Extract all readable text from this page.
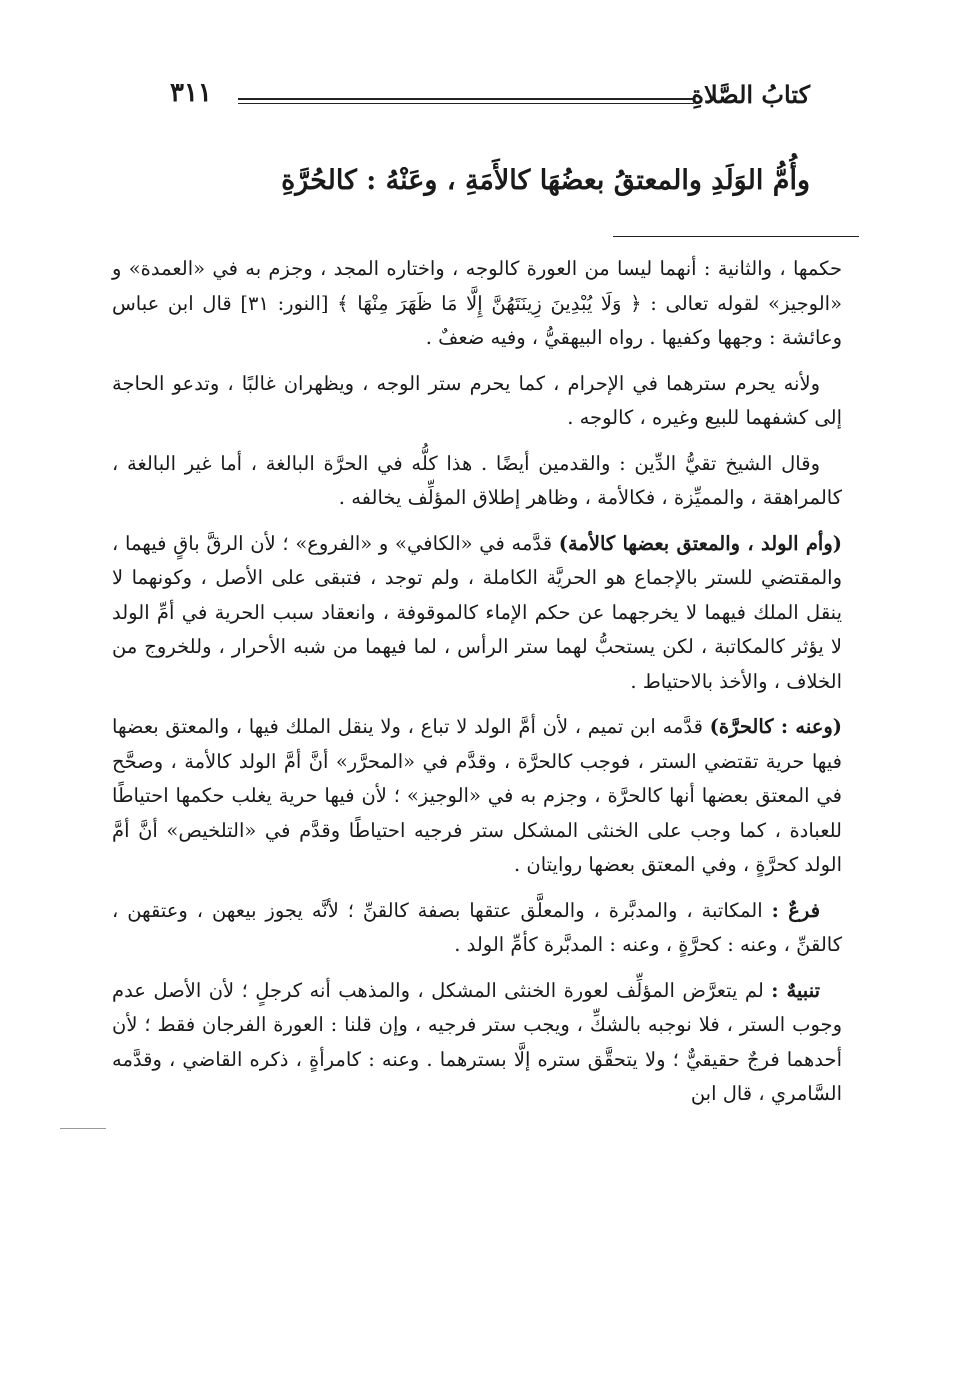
كتابُ الصَّلاةِ
٣١١
وأُمُّ الوَلَدِ والمعتقُ بعضُهَا كالأَمَةِ ، وعَنْهُ : كالحُرَّةِ

حكمها ، والثانية : أنهما ليسا من العورة كالوجه ، واختاره المجد ، وجزم به في «العمدة» و «الوجيز» لقوله تعالى : ﴿ وَلَا يُبْدِينَ زِينَتَهُنَّ إِلَّا مَا ظَهَرَ مِنْهَا ﴾ [النور: ٣١] قال ابن عباس وعائشة : وجهها وكفيها . رواه البيهقيُّ ، وفيه ضعفٌ .

ولأنه يحرم سترهما في الإحرام ، كما يحرم ستر الوجه ، ويظهران غالبًا ، وتدعو الحاجة إلى كشفهما للبيع وغيره ، كالوجه .

وقال الشيخ تقيُّ الدِّين : والقدمين أيضًا . هذا كلُّه في الحرَّة البالغة ، أما غير البالغة ، كالمراهقة ، والمميِّزة ، فكالأمة ، وظاهر إطلاق المؤلِّف يخالفه .

(وأم الولد ، والمعتق بعضها كالأمة) قدَّمه في «الكافي» و «الفروع» ؛ لأن الرقَّ باقٍ فيهما ، والمقتضي للستر بالإجماع هو الحريَّة الكاملة ، ولم توجد ، فتبقى على الأصل ، وكونهما لا ينقل الملك فيهما لا يخرجهما عن حكم الإماء كالموقوفة ، وانعقاد سبب الحرية في أمِّ الولد لا يؤثر كالمكاتبة ، لكن يستحبُّ لهما ستر الرأس ، لما فيهما من شبه الأحرار ، وللخروج من الخلاف ، والأخذ بالاحتياط .

(وعنه : كالحرَّة) قدَّمه ابن تميم ، لأن أمَّ الولد لا تباع ، ولا ينقل الملك فيها ، والمعتق بعضها فيها حرية تقتضي الستر ، فوجب كالحرَّة ، وقدَّم في «المحرَّر» أنَّ أمَّ الولد كالأمة ، وصحَّح في المعتق بعضها أنها كالحرَّة ، وجزم به في «الوجيز» ؛ لأن فيها حرية يغلب حكمها احتياطًا للعبادة ، كما وجب على الخنثى المشكل ستر فرجيه احتياطًا وقدَّم في «التلخيص» أنَّ أمَّ الولد كحرَّةٍ ، وفي المعتق بعضها روايتان .

فرعٌ : المكاتبة ، والمدبَّرة ، والمعلَّق عتقها بصفة كالقنِّ ؛ لأنَّه يجوز بيعهن ، وعتقهن ، كالقنِّ ، وعنه : كحرَّةٍ ، وعنه : المدبَّرة كأمِّ الولد .

تنبيهٌ : لم يتعرَّض المؤلِّف لعورة الخنثى المشكل ، والمذهب أنه كرجلٍ ؛ لأن الأصل عدم وجوب الستر ، فلا نوجبه بالشكِّ ، ويجب ستر فرجيه ، وإن قلنا : العورة الفرجان فقط ؛ لأن أحدهما فرجٌ حقيقيٌّ ؛ ولا يتحقَّق ستره إلَّا بسترهما . وعنه : كامرأةٍ ، ذكره القاضي ، وقدَّمه السَّامري ، قال ابن
